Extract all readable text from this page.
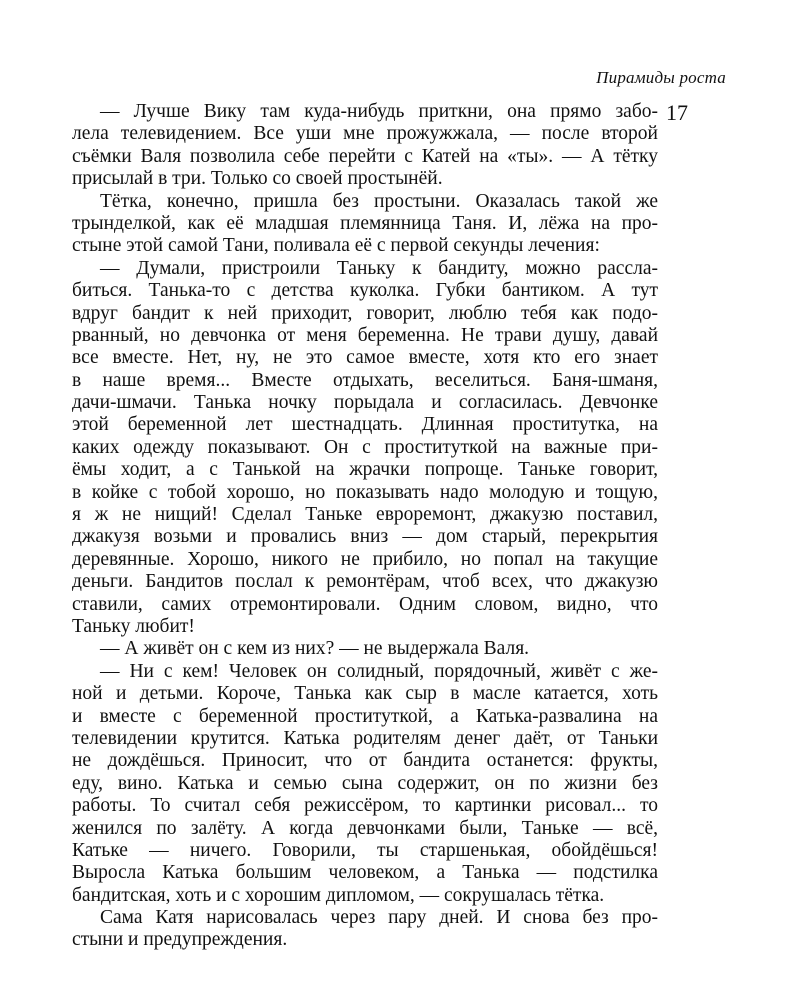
Пирамиды роста
17
— Лучше Вику там куда-нибудь приткни, она прямо забо-
лела телевидением. Все уши мне прожужжала, — после второй
съёмки Валя позволила себе перейти с Катей на «ты». — А тётку
присылай в три. Только со своей простынёй.
Тётка, конечно, пришла без простыни. Оказалась такой же
трынделкой, как её младшая племянница Таня. И, лёжа на про-
стыне этой самой Тани, поливала её с первой секунды лечения:
— Думали, пристроили Таньку к бандиту, можно рассла-
биться. Танька-то с детства куколка. Губки бантиком. А тут
вдруг бандит к ней приходит, говорит, люблю тебя как подо-
рванный, но девчонка от меня беременна. Не трави душу, давай
все вместе. Нет, ну, не это самое вместе, хотя кто его знает
в наше время... Вместе отдыхать, веселиться. Баня-шманя,
дачи-шмачи. Танька ночку порыдала и согласилась. Девчонке
этой беременной лет шестнадцать. Длинная проститутка, на
каких одежду показывают. Он с проституткой на важные при-
ёмы ходит, а с Танькой на жрачки попроще. Таньке говорит,
в койке с тобой хорошо, но показывать надо молодую и тощую,
я ж не нищий! Сделал Таньке евроремонт, джакузю поставил,
джакузя возьми и провались вниз — дом старый, перекрытия
деревянные. Хорошо, никого не прибило, но попал на такущие
деньги. Бандитов послал к ремонтёрам, чтоб всех, что джакузю
ставили, самих отремонтировали. Одним словом, видно, что
Таньку любит!
— А живёт он с кем из них? — не выдержала Валя.
— Ни с кем! Человек он солидный, порядочный, живёт с же-
ной и детьми. Короче, Танька как сыр в масле катается, хоть
и вместе с беременной проституткой, а Катька-развалина на
телевидении крутится. Катька родителям денег даёт, от Таньки
не дождёшься. Приносит, что от бандита останется: фрукты,
еду, вино. Катька и семью сына содержит, он по жизни без
работы. То считал себя режиссёром, то картинки рисовал... то
женился по залёту. А когда девчонками были, Таньке — всё,
Катьке — ничего. Говорили, ты старшенькая, обойдёшься!
Выросла Катька большим человеком, а Танька — подстилка
бандитская, хоть и с хорошим дипломом, — сокрушалась тётка.
Сама Катя нарисовалась через пару дней. И снова без про-
стыни и предупреждения.
